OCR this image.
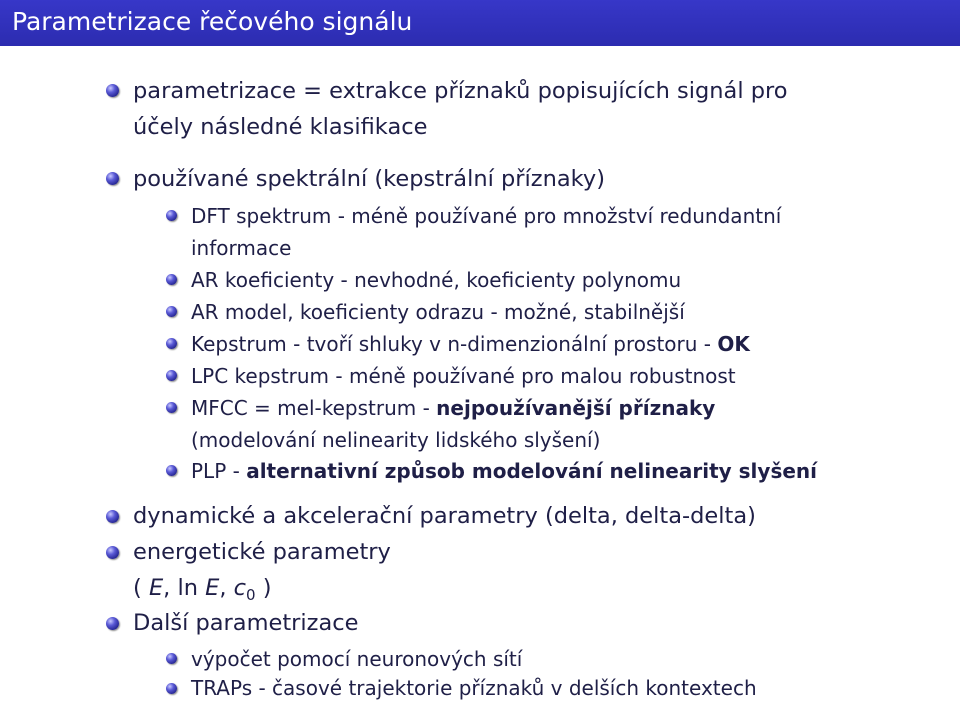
Parametrizace řečového signálu
parametrizace = extrakce příznaků popisujících signál pro
účely následné klasifikace
používané spektrální (kepstrální příznaky)
DFT spektrum - méně používané pro množství redundantní
informace
AR koeficienty - nevhodné, koeficienty polynomu
AR model, koeficienty odrazu - možné, stabilnější
Kepstrum - tvoří shluky v n-dimenzionální prostoru - OK
LPC kepstrum - méně používané pro malou robustnost
MFCC = mel-kepstrum - nejpoužívanější příznaky
(modelování nelinearity lidského slyšení)
PLP - alternativní způsob modelování nelinearity slyšení
dynamické a akcelerační parametry (delta, delta-delta)
energetické parametry
( E, ln E, $c_0$ )
Další parametrizace
výpočet pomocí neuronových sítí
TRAPs - časové trajektorie příznaků v delších kontextech
